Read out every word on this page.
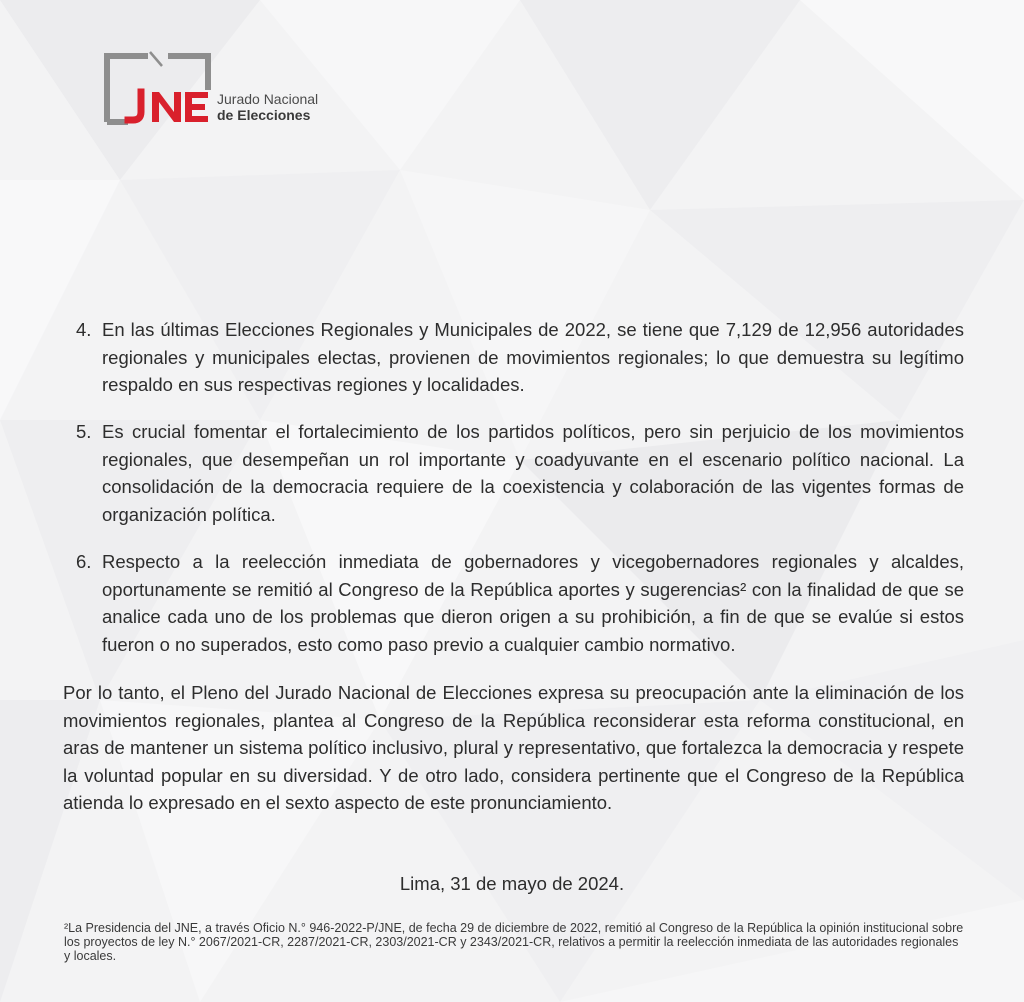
Jurado Nacional
de Elecciones
4. En las últimas Elecciones Regionales y Municipales de 2022, se tiene que 7,129 de 12,956 autoridades regionales y municipales electas, provienen de movimientos regionales; lo que demuestra su legítimo respaldo en sus respectivas regiones y localidades.
5. Es crucial fomentar el fortalecimiento de los partidos políticos, pero sin perjuicio de los movimientos regionales, que desempeñan un rol importante y coadyuvante en el escenario político nacional. La consolidación de la democracia requiere de la coexistencia y colaboración de las vigentes formas de organización política.
6. Respecto a la reelección inmediata de gobernadores y vicegobernadores regionales y alcaldes, oportunamente se remitió al Congreso de la República aportes y sugerencias² con la finalidad de que se analice cada uno de los problemas que dieron origen a su prohibición, a fin de que se evalúe si estos fueron o no superados, esto como paso previo a cualquier cambio normativo.
Por lo tanto, el Pleno del Jurado Nacional de Elecciones expresa su preocupación ante la eliminación de los movimientos regionales, plantea al Congreso de la República reconsiderar esta reforma constitucional, en aras de mantener un sistema político inclusivo, plural y representativo, que fortalezca la democracia y respete la voluntad popular en su diversidad. Y de otro lado, considera pertinente que el Congreso de la República atienda lo expresado en el sexto aspecto de este pronunciamiento.
Lima, 31 de mayo de 2024.
²La Presidencia del JNE, a través Oficio N.° 946-2022-P/JNE, de fecha 29 de diciembre de 2022, remitió al Congreso de la República la opinión institucional sobre los proyectos de ley N.° 2067/2021-CR, 2287/2021-CR, 2303/2021-CR y 2343/2021-CR, relativos a permitir la reelección inmediata de las autoridades regionales y locales.
